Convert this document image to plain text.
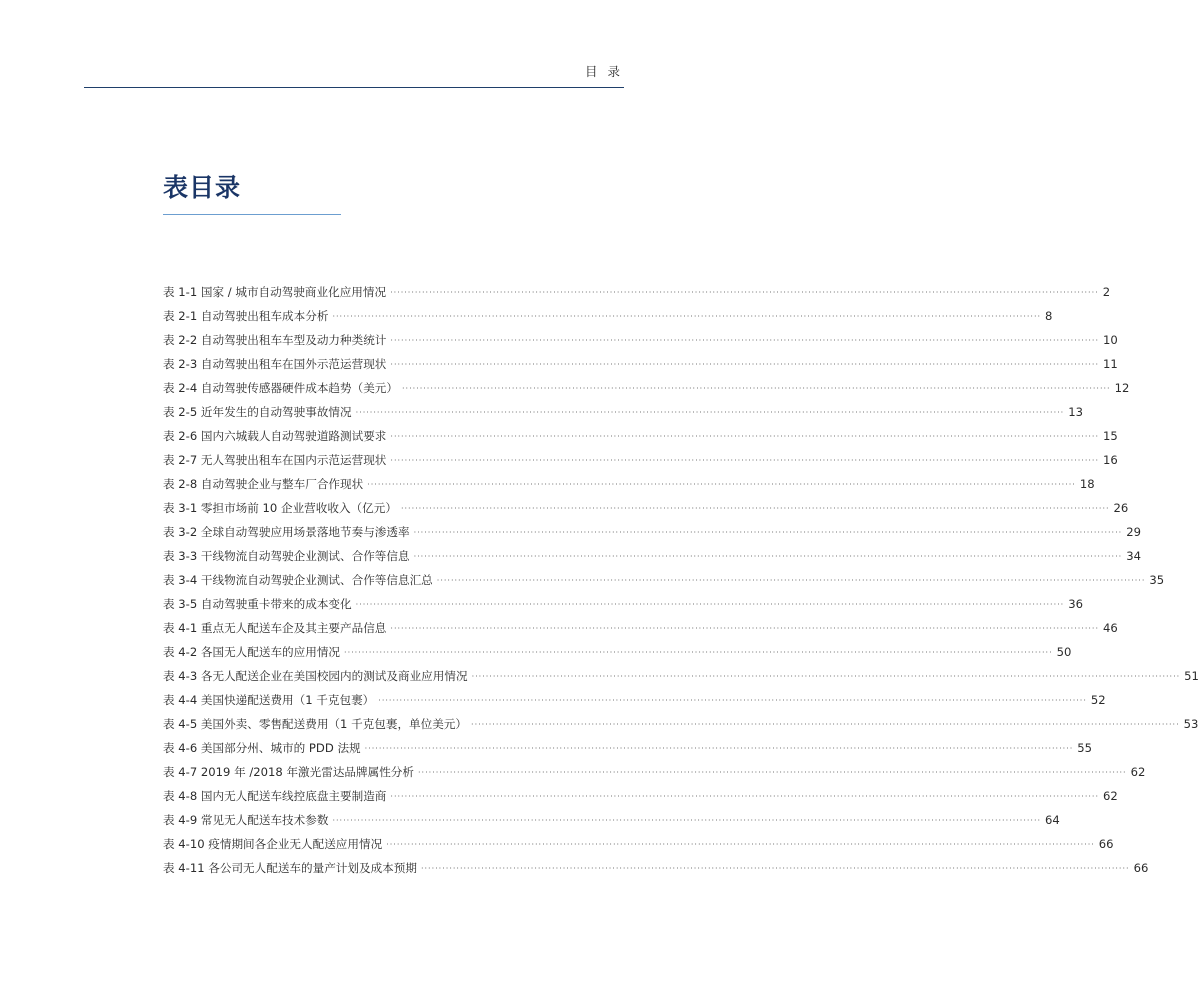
目 录
表目录
表 1-1 国家 / 城市自动驾驶商业化应用情况 ········································································································································································································ 2
表 2-1 自动驾驶出租车成本分析 ········································································································································································································ 8
表 2-2 自动驾驶出租车车型及动力种类统计 ········································································································································································································ 10
表 2-3 自动驾驶出租车在国外示范运营现状 ········································································································································································································ 11
表 2-4 自动驾驶传感器硬件成本趋势（美元） ········································································································································································································ 12
表 2-5 近年发生的自动驾驶事故情况 ········································································································································································································ 13
表 2-6 国内六城载人自动驾驶道路测试要求 ········································································································································································································ 15
表 2-7 无人驾驶出租车在国内示范运营现状 ········································································································································································································ 16
表 2-8 自动驾驶企业与整车厂合作现状 ········································································································································································································ 18
表 3-1 零担市场前 10 企业营收收入（亿元） ········································································································································································································ 26
表 3-2 全球自动驾驶应用场景落地节奏与渗透率 ········································································································································································································ 29
表 3-3 干线物流自动驾驶企业测试、合作等信息 ········································································································································································································ 34
表 3-4 干线物流自动驾驶企业测试、合作等信息汇总 ········································································································································································································ 35
表 3-5 自动驾驶重卡带来的成本变化 ········································································································································································································ 36
表 4-1 重点无人配送车企及其主要产品信息 ········································································································································································································ 46
表 4-2 各国无人配送车的应用情况 ········································································································································································································ 50
表 4-3 各无人配送企业在美国校园内的测试及商业应用情况 ········································································································································································································ 51
表 4-4 美国快递配送费用（1 千克包裹） ········································································································································································································ 52
表 4-5 美国外卖、零售配送费用（1 千克包裹，单位美元） ········································································································································································································ 53
表 4-6 美国部分州、城市的 PDD 法规 ········································································································································································································ 55
表 4-7 2019 年 /2018 年激光雷达品牌属性分析 ········································································································································································································ 62
表 4-8 国内无人配送车线控底盘主要制造商 ········································································································································································································ 62
表 4-9 常见无人配送车技术参数 ········································································································································································································ 64
表 4-10 疫情期间各企业无人配送应用情况 ········································································································································································································ 66
表 4-11 各公司无人配送车的量产计划及成本预期 ········································································································································································································ 66
